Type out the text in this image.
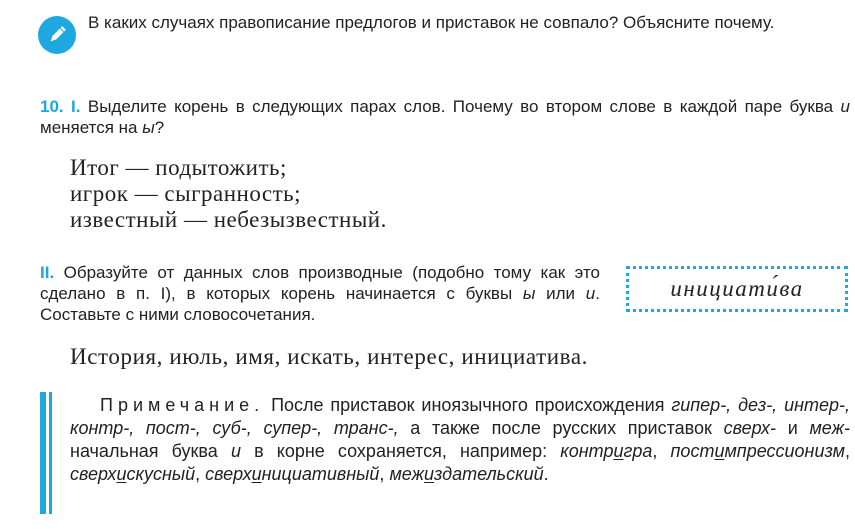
В каких случаях правописание предлогов и приставок не совпало? Объясните почему.
10. I. Выделите корень в следующих парах слов. Почему во втором слове в каждой паре буква и меняется на ы?
Итог — подытожить;
игрок — сыгранность;
известный — небезызвестный.
II. Образуйте от данных слов производные (подобно тому как это сделано в п. I), в которых корень начинается с буквы ы или и. Составьте с ними словосочетания.
инициати́ва
История, июль, имя, искать, интерес, инициатива.
Примечание. После приставок иноязычного происхождения гипер-, дез-, интер-, контр-, пост-, суб-, супер-, транс-, а также после русских приставок сверх- и меж- начальная буква и в корне сохраняется, например: контригра, постимпрессионизм, сверхискусный, сверхинициативный, межиздательский.
